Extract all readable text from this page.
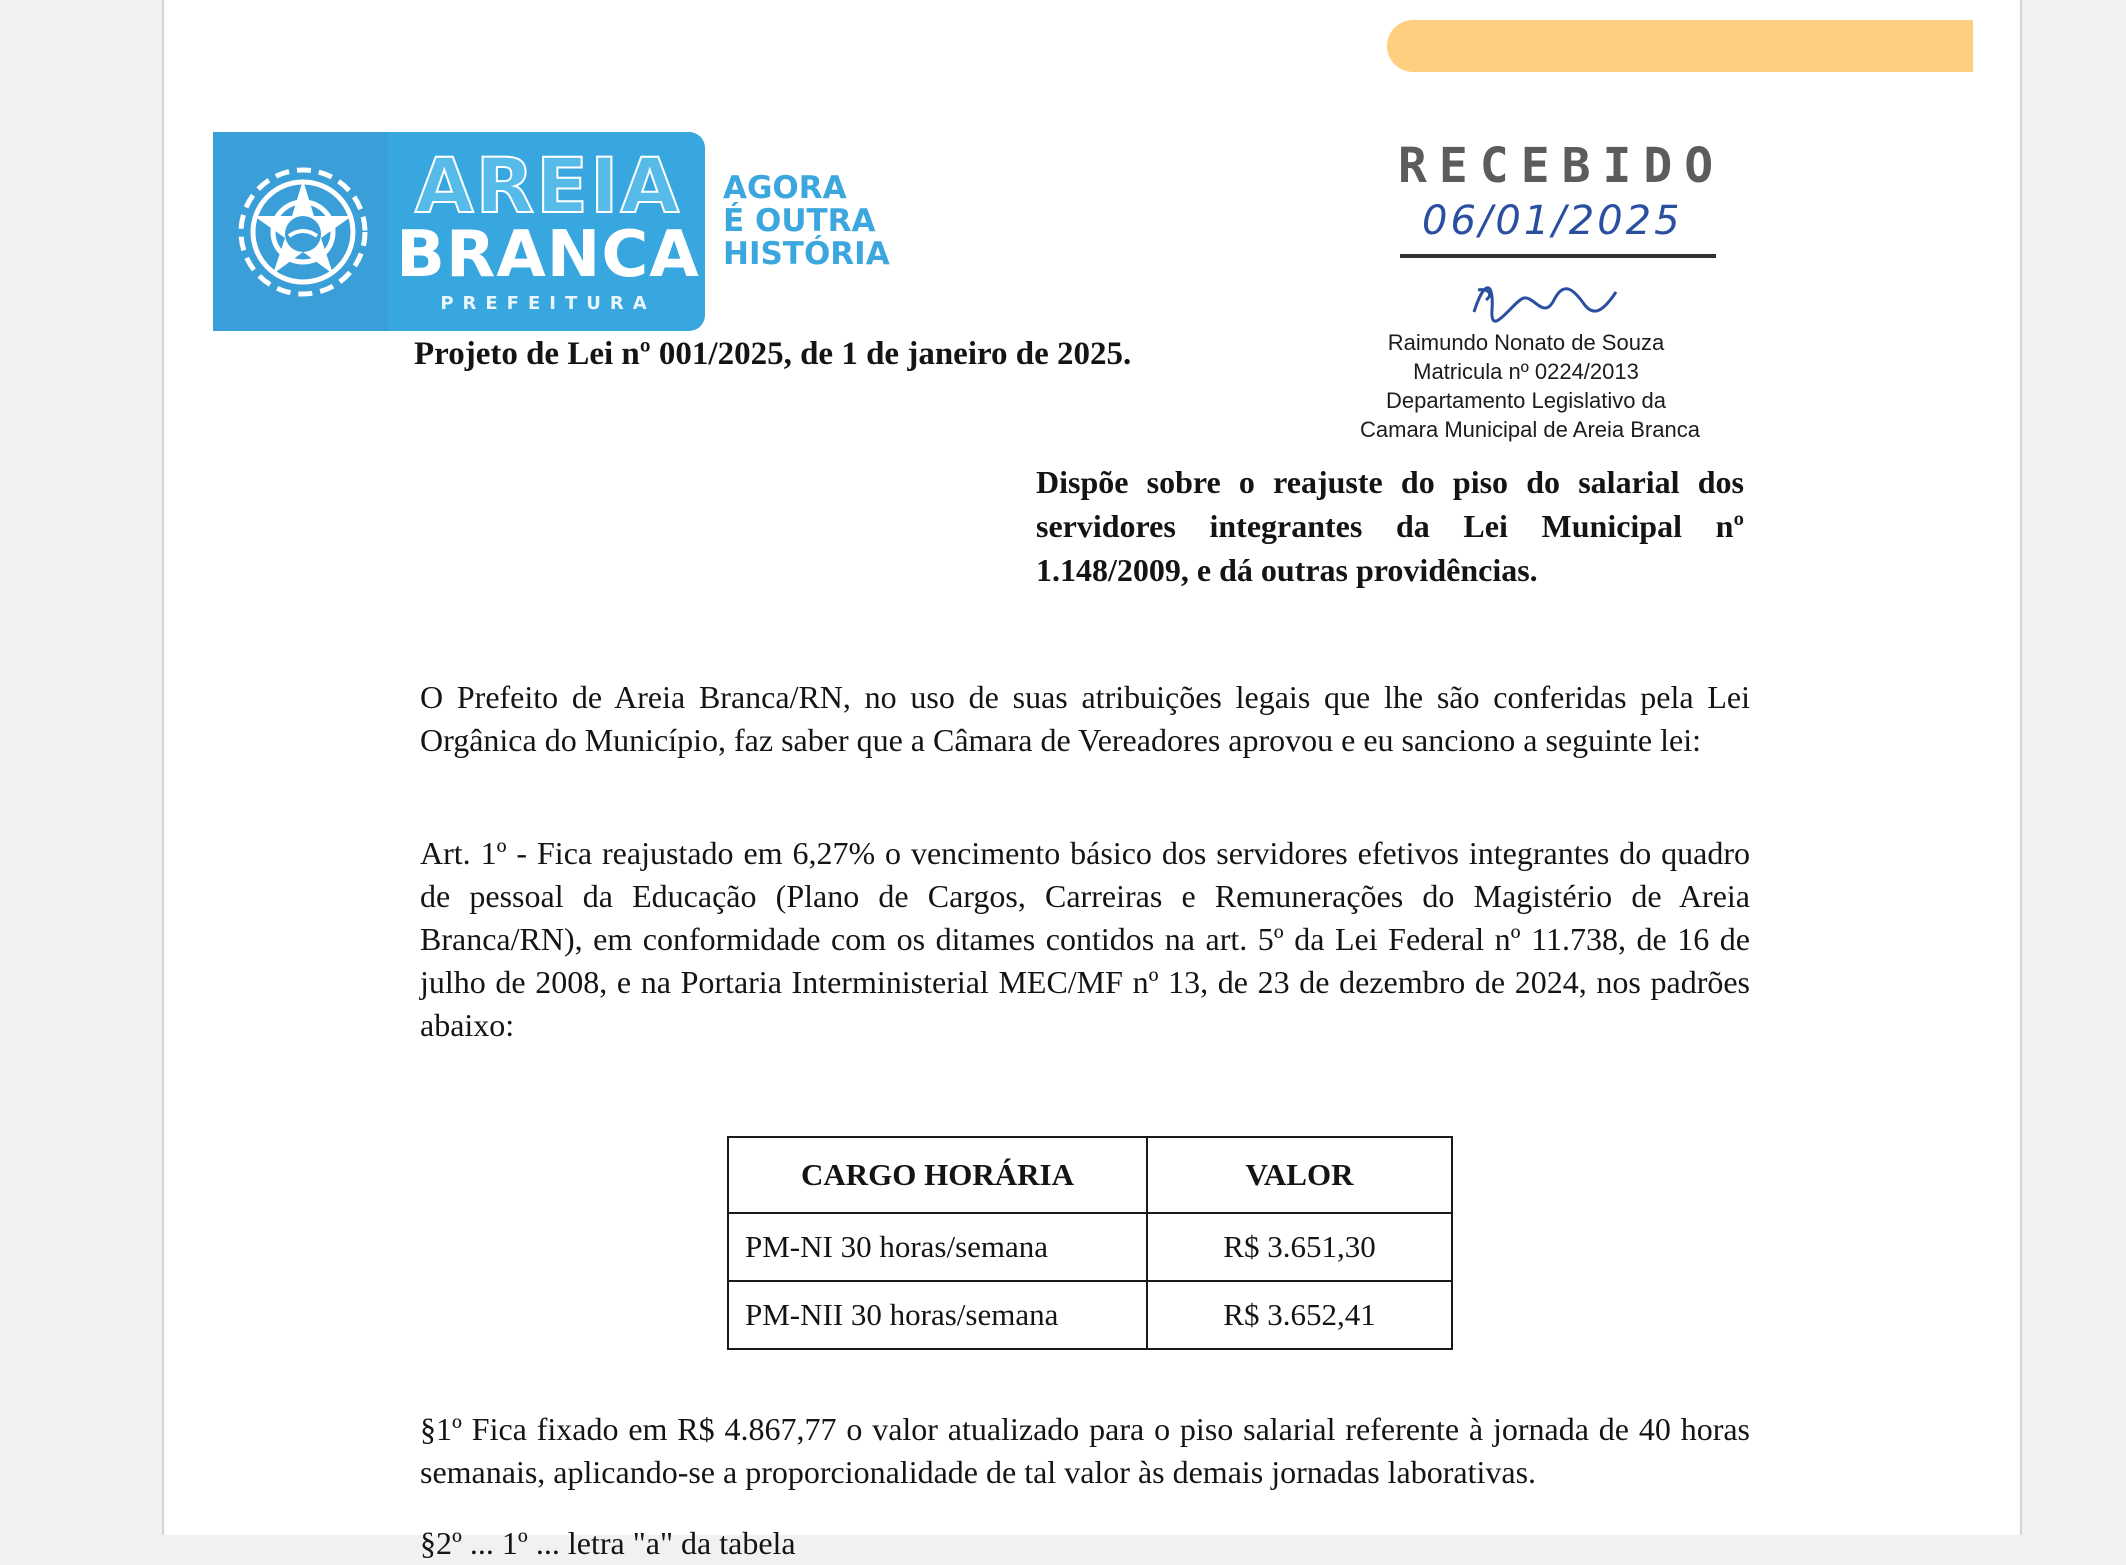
AREIA
BRANCA
PREFEITURA
AGORA
É OUTRA
HISTÓRIA
RECEBIDO
06/01/2025
Raimundo Nonato de Souza
Matricula nº 0224/2013
Departamento Legislativo da
Camara Municipal de Areia Branca
Projeto de Lei nº 001/2025, de 1 de janeiro de 2025.
Dispõe sobre o reajuste do piso do salarial dos servidores integrantes da Lei Municipal nº 1.148/2009, e dá outras providências.
O Prefeito de Areia Branca/RN, no uso de suas atribuições legais que lhe são conferidas pela Lei Orgânica do Município, faz saber que a Câmara de Vereadores aprovou e eu sanciono a seguinte lei:
Art. 1º - Fica reajustado em 6,27% o vencimento básico dos servidores efetivos integrantes do quadro de pessoal da Educação (Plano de Cargos, Carreiras e Remunerações do Magistério de Areia Branca/RN), em conformidade com os ditames contidos na art. 5º da Lei Federal nº 11.738, de 16 de julho de 2008, e na Portaria Interministerial MEC/MF nº 13, de 23 de dezembro de 2024, nos padrões abaixo:
CARGO HORÁRIA	VALOR
PM-NI 30 horas/semana	R$ 3.651,30
PM-NII 30 horas/semana	R$ 3.652,41
§1º Fica fixado em R$ 4.867,77 o valor atualizado para o piso salarial referente à jornada de 40 horas semanais, aplicando-se a proporcionalidade de tal valor às demais jornadas laborativas.
§2º ... 1º ... letra "a" da tabela
